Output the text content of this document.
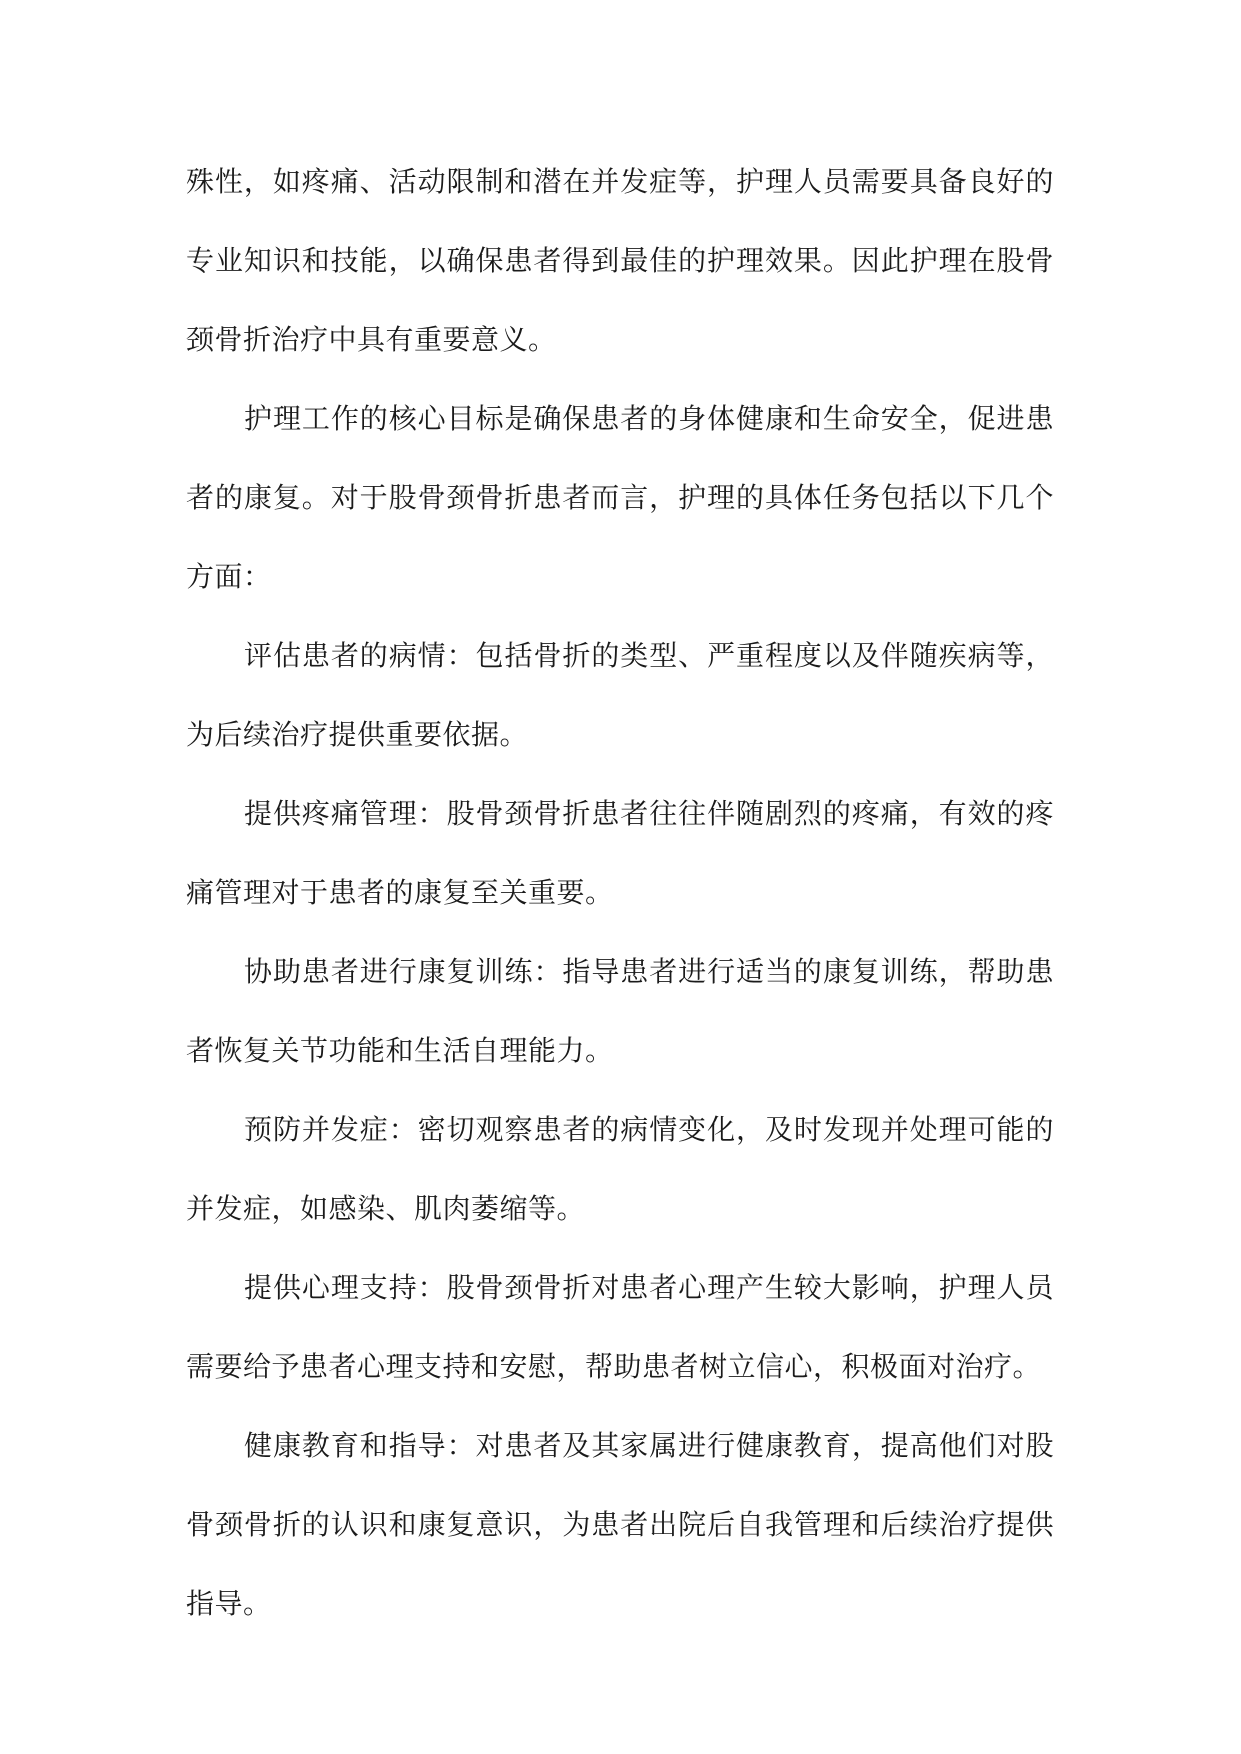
殊性，如疼痛、活动限制和潜在并发症等，护理人员需要具备良好的专业知识和技能，以确保患者得到最佳的护理效果。因此护理在股骨颈骨折治疗中具有重要意义。

护理工作的核心目标是确保患者的身体健康和生命安全，促进患者的康复。对于股骨颈骨折患者而言，护理的具体任务包括以下几个方面：

评估患者的病情：包括骨折的类型、严重程度以及伴随疾病等，为后续治疗提供重要依据。

提供疼痛管理：股骨颈骨折患者往往伴随剧烈的疼痛，有效的疼痛管理对于患者的康复至关重要。

协助患者进行康复训练：指导患者进行适当的康复训练，帮助患者恢复关节功能和生活自理能力。

预防并发症：密切观察患者的病情变化，及时发现并处理可能的并发症，如感染、肌肉萎缩等。

提供心理支持：股骨颈骨折对患者心理产生较大影响，护理人员需要给予患者心理支持和安慰，帮助患者树立信心，积极面对治疗。

健康教育和指导：对患者及其家属进行健康教育，提高他们对股骨颈骨折的认识和康复意识，为患者出院后自我管理和后续治疗提供指导。
